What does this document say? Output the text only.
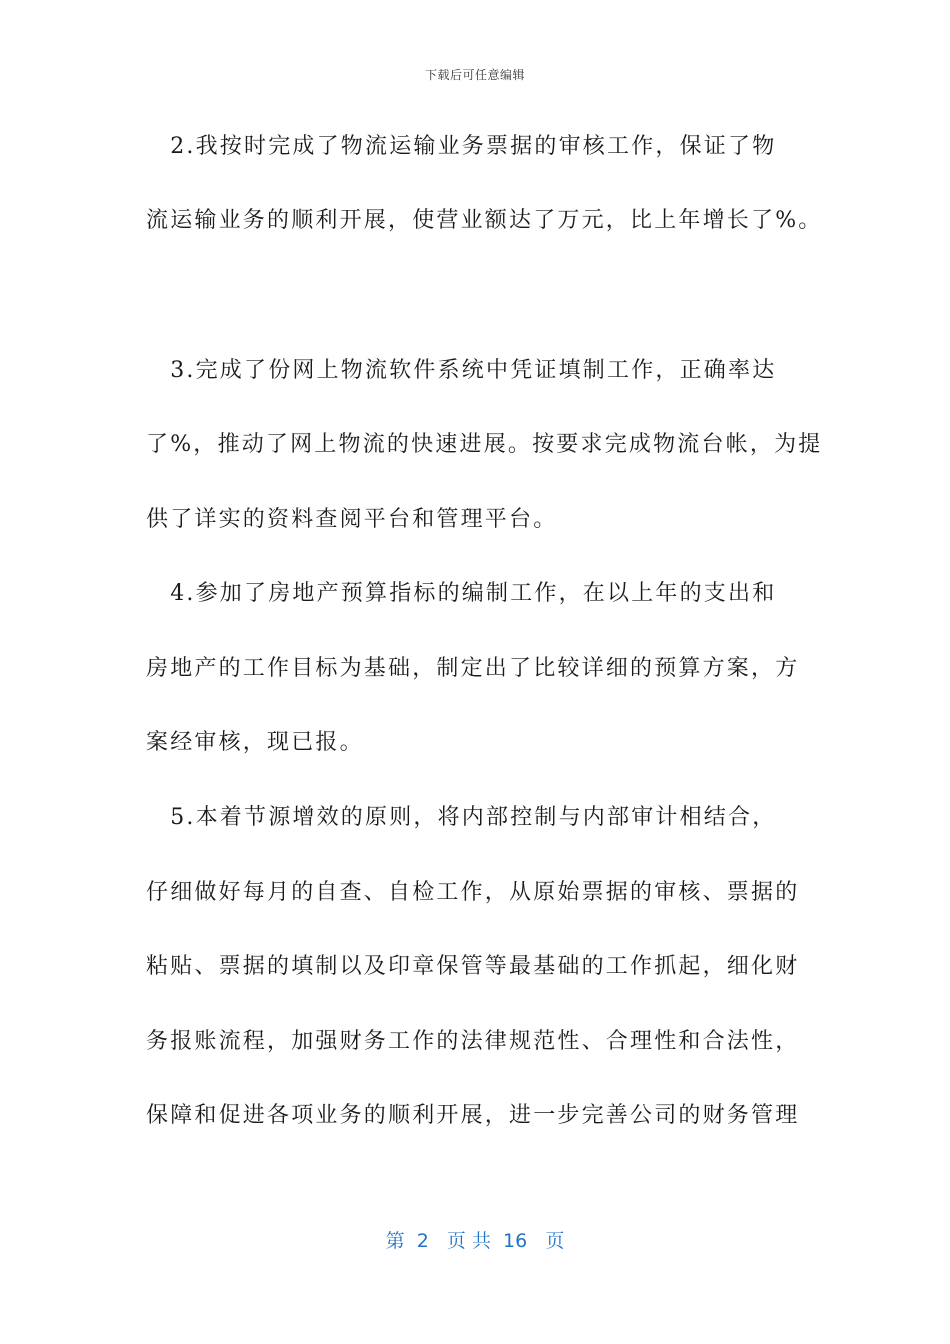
下载后可任意编辑
　2.我按时完成了物流运输业务票据的审核工作，保证了物
流运输业务的顺利开展，使营业额达了万元，比上年增长了%。
　3.完成了份网上物流软件系统中凭证填制工作，正确率达
了%，推动了网上物流的快速进展。按要求完成物流台帐，为提
供了详实的资料查阅平台和管理平台。
　4.参加了房地产预算指标的编制工作，在以上年的支出和
房地产的工作目标为基础，制定出了比较详细的预算方案，方
案经审核，现已报。
　5.本着节源增效的原则，将内部控制与内部审计相结合，
仔细做好每月的自查、自检工作，从原始票据的审核、票据的
粘贴、票据的填制以及印章保管等最基础的工作抓起，细化财
务报账流程，加强财务工作的法律规范性、合理性和合法性，
保障和促进各项业务的顺利开展，进一步完善公司的财务管理
第  2   页 共  16   页
